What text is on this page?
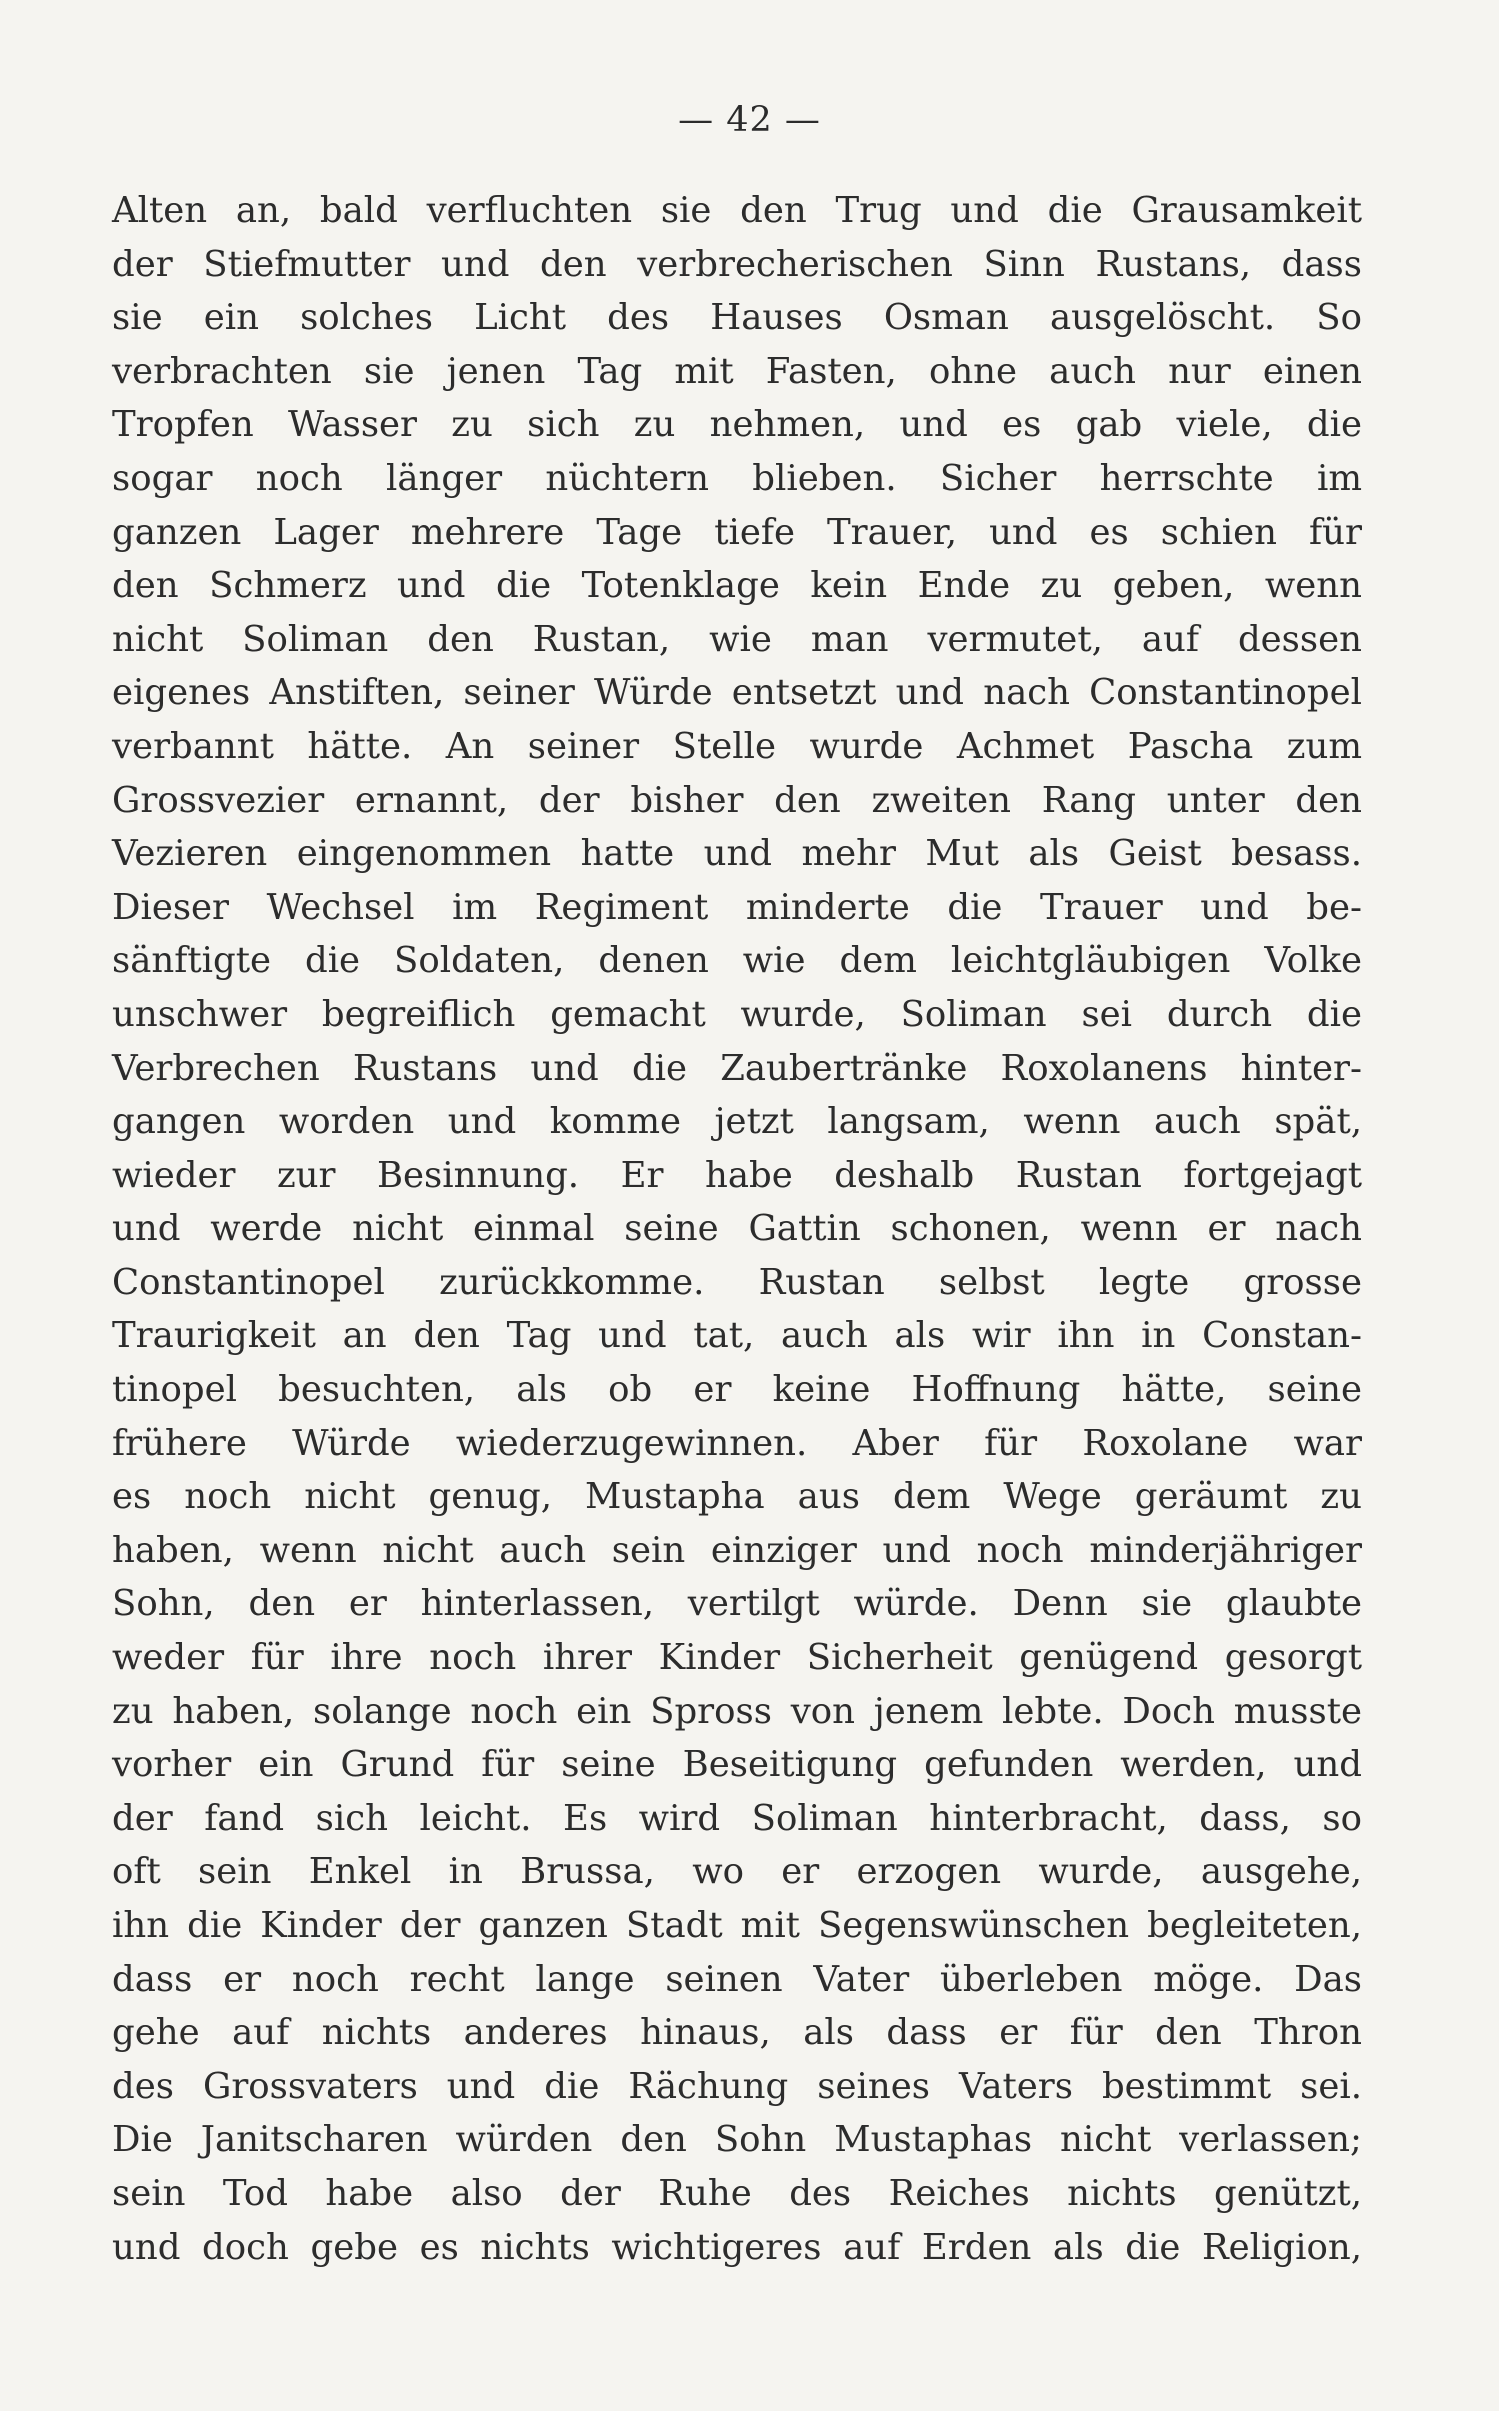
— 42 —
Alten an, bald verfluchten sie den Trug und die Grausamkeit
der Stiefmutter und den verbrecherischen Sinn Rustans, dass
sie ein solches Licht des Hauses Osman ausgelöscht. So
verbrachten sie jenen Tag mit Fasten, ohne auch nur einen
Tropfen Wasser zu sich zu nehmen, und es gab viele, die
sogar noch länger nüchtern blieben. Sicher herrschte im
ganzen Lager mehrere Tage tiefe Trauer, und es schien für
den Schmerz und die Totenklage kein Ende zu geben, wenn
nicht Soliman den Rustan, wie man vermutet, auf dessen
eigenes Anstiften, seiner Würde entsetzt und nach Constantinopel
verbannt hätte. An seiner Stelle wurde Achmet Pascha zum
Grossvezier ernannt, der bisher den zweiten Rang unter den
Vezieren eingenommen hatte und mehr Mut als Geist besass.
Dieser Wechsel im Regiment minderte die Trauer und be-
sänftigte die Soldaten, denen wie dem leichtgläubigen Volke
unschwer begreiflich gemacht wurde, Soliman sei durch die
Verbrechen Rustans und die Zaubertränke Roxolanens hinter-
gangen worden und komme jetzt langsam, wenn auch spät,
wieder zur Besinnung. Er habe deshalb Rustan fortgejagt
und werde nicht einmal seine Gattin schonen, wenn er nach
Constantinopel zurückkomme. Rustan selbst legte grosse
Traurigkeit an den Tag und tat, auch als wir ihn in Constan-
tinopel besuchten, als ob er keine Hoffnung hätte, seine
frühere Würde wiederzugewinnen. Aber für Roxolane war
es noch nicht genug, Mustapha aus dem Wege geräumt zu
haben, wenn nicht auch sein einziger und noch minderjähriger
Sohn, den er hinterlassen, vertilgt würde. Denn sie glaubte
weder für ihre noch ihrer Kinder Sicherheit genügend gesorgt
zu haben, solange noch ein Spross von jenem lebte. Doch musste
vorher ein Grund für seine Beseitigung gefunden werden, und
der fand sich leicht. Es wird Soliman hinterbracht, dass, so
oft sein Enkel in Brussa, wo er erzogen wurde, ausgehe,
ihn die Kinder der ganzen Stadt mit Segenswünschen begleiteten,
dass er noch recht lange seinen Vater überleben möge. Das
gehe auf nichts anderes hinaus, als dass er für den Thron
des Grossvaters und die Rächung seines Vaters bestimmt sei.
Die Janitscharen würden den Sohn Mustaphas nicht verlassen;
sein Tod habe also der Ruhe des Reiches nichts genützt,
und doch gebe es nichts wichtigeres auf Erden als die Religion,
